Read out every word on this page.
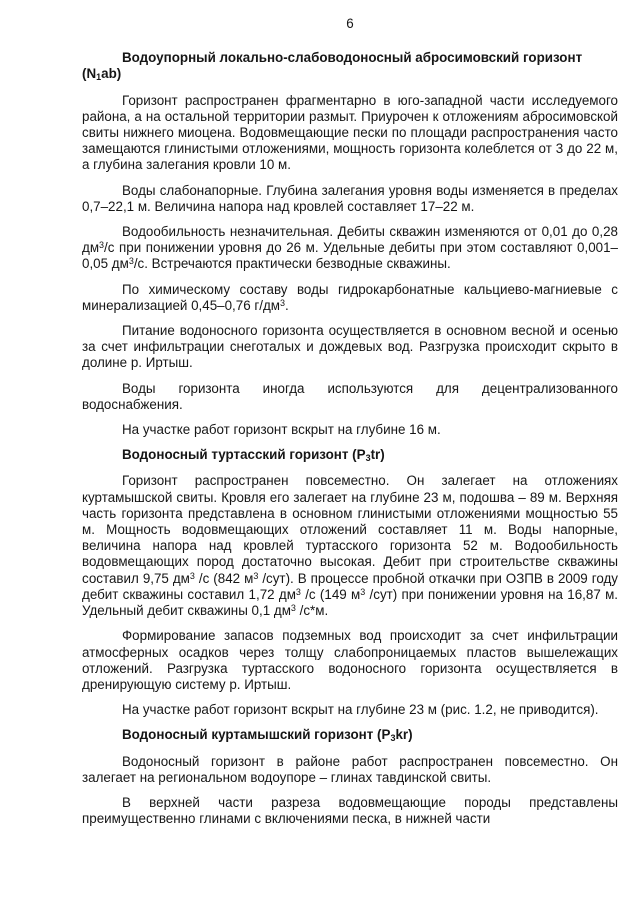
6
Водоупорный локально-слабоводоносный абросимовский горизонт $(N_1ab)$

Горизонт распространен фрагментарно в юго-западной части исследуемого района, а на остальной территории размыт. Приурочен к отложениям абросимовской свиты нижнего миоцена. Водовмещающие пески по площади распространения часто замещаются глинистыми отложениями, мощность горизонта колеблется от 3 до 22 м, а глубина залегания кровли 10 м.

Воды слабонапорные. Глубина залегания уровня воды изменяется в пределах 0,7–22,1 м. Величина напора над кровлей составляет 17–22 м.

Водообильность незначительная. Дебиты скважин изменяются от 0,01 до 0,28 $дм^3/с$ при понижении уровня до 26 м. Удельные дебиты при этом составляют 0,001–0,05 $дм^3/с$. Встречаются практически безводные скважины.

По химическому составу воды гидрокарбонатные кальциево-магниевые с минерализацией 0,45–0,76 $г/дм^3$.

Питание водоносного горизонта осуществляется в основном весной и осенью за счет инфильтрации снеготалых и дождевых вод. Разгрузка происходит скрыто в долине р. Иртыш.

Воды горизонта иногда используются для децентрализованного водоснабжения.

На участке работ горизонт вскрыт на глубине 16 м.

Водоносный туртасский горизонт $(P_3tr)$

Горизонт распространен повсеместно. Он залегает на отложениях куртамышской свиты. Кровля его залегает на глубине 23 м, подошва – 89 м. Верхняя часть горизонта представлена в основном глинистыми отложениями мощностью 55 м. Мощность водовмещающих отложений составляет 11 м. Воды напорные, величина напора над кровлей туртасского горизонта 52 м. Водообильность водовмещающих пород достаточно высокая. Дебит при строительстве скважины составил 9,75 $дм^3$ /с (842 $м^3$ /сут). В процессе пробной откачки при ОЗПВ в 2009 году дебит скважины составил 1,72 $дм^3$ /с (149 $м^3$ /сут) при понижении уровня на 16,87 м. Удельный дебит скважины 0,1 $дм^3$ /с*м.

Формирование запасов подземных вод происходит за счет инфильтрации атмосферных осадков через толщу слабопроницаемых пластов вышележащих отложений. Разгрузка туртасского водоносного горизонта осуществляется в дренирующую систему р. Иртыш.

На участке работ горизонт вскрыт на глубине 23 м (рис. 1.2, не приводится).

Водоносный куртамышский горизонт $(P_3kr)$

Водоносный горизонт в районе работ распространен повсеместно. Он залегает на региональном водоупоре – глинах тавдинской свиты.

В верхней части разреза водовмещающие породы представлены преимущественно глинами с включениями песка, в нижней части
